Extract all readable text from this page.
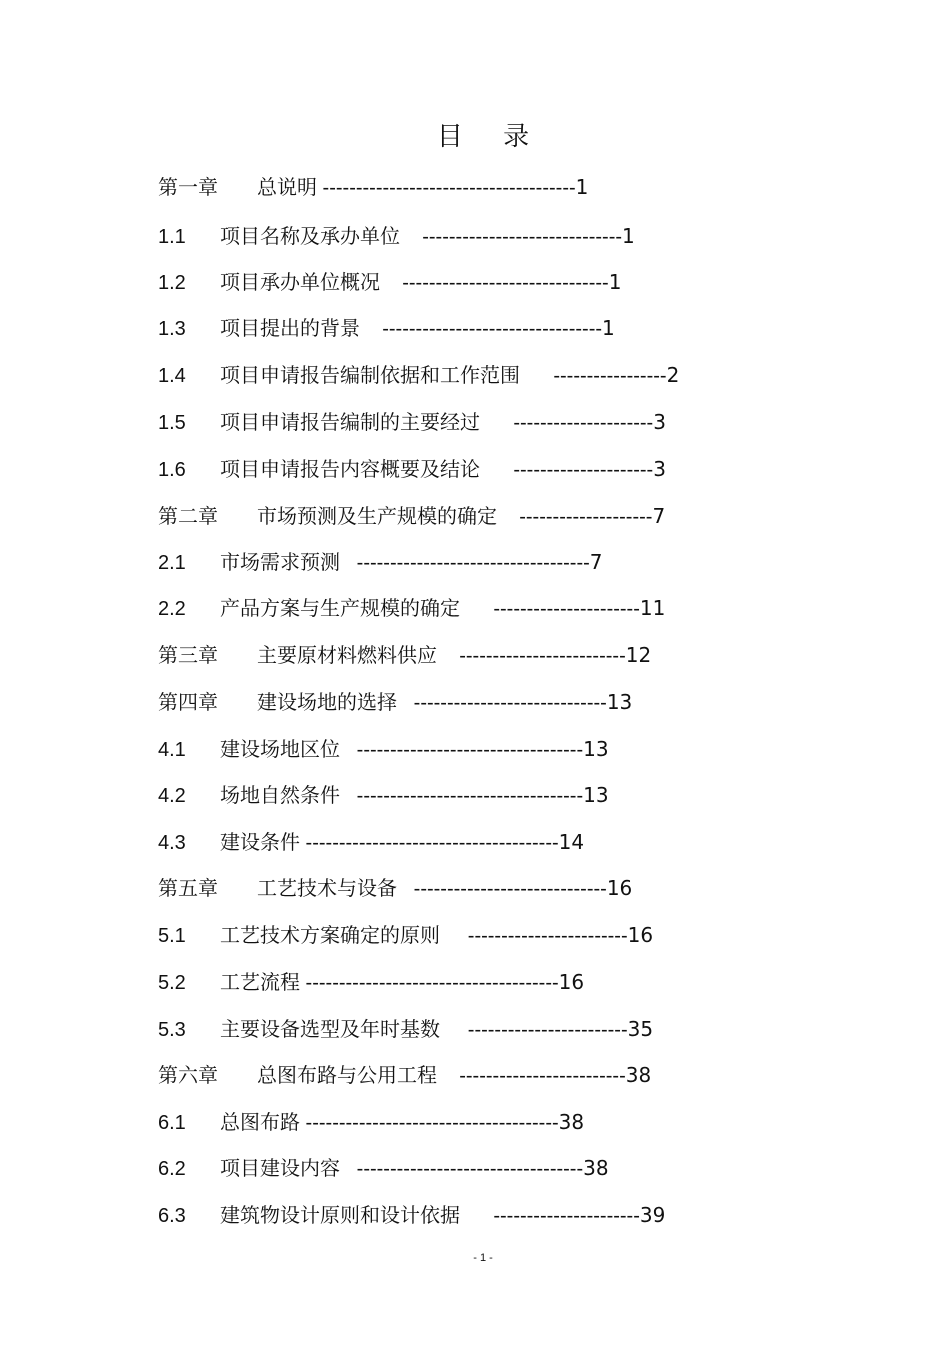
目 录
第一章 总说明 --------------------------------------1
1.1 项目名称及承办单位    ------------------------------1
1.2 项目承办单位概况    -------------------------------1
1.3 项目提出的背景    ---------------------------------1
1.4 项目申请报告编制依据和工作范围      -----------------2
1.5 项目申请报告编制的主要经过      ---------------------3
1.6 项目申请报告内容概要及结论      ---------------------3
第二章 市场预测及生产规模的确定    --------------------7
2.1 市场需求预测   -----------------------------------7
2.2 产品方案与生产规模的确定      ----------------------11
第三章 主要原材料燃料供应    -------------------------12
第四章 建设场地的选择   -----------------------------13
4.1 建设场地区位   ----------------------------------13
4.2 场地自然条件   ----------------------------------13
4.3 建设条件 --------------------------------------14
第五章 工艺技术与设备   -----------------------------16
5.1 工艺技术方案确定的原则     ------------------------16
5.2 工艺流程 --------------------------------------16
5.3 主要设备选型及年时基数     ------------------------35
第六章 总图布路与公用工程    -------------------------38
6.1 总图布路 --------------------------------------38
6.2 项目建设内容   ----------------------------------38
6.3 建筑物设计原则和设计依据      ----------------------39
- 1 -
